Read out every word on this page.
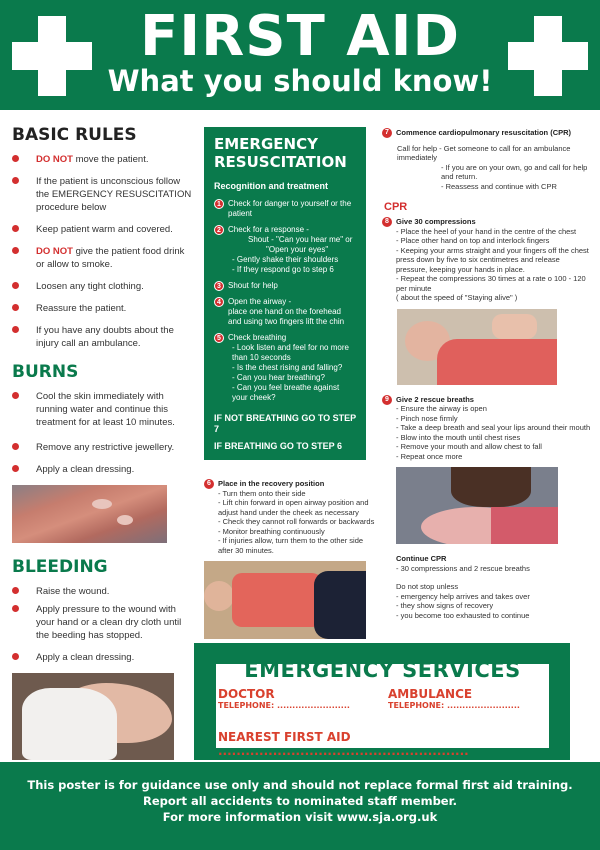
FIRST AID
What you should know!
BASIC RULES
DO NOT move the patient.
If the patient is unconscious follow the EMERGENCY RESUSCITATION procedure below
Keep patient warm and covered.
DO NOT give the patient food drink or allow to smoke.
Loosen any tight clothing.
Reassure the patient.
If you have any doubts about the injury call an ambulance.
BURNS
Cool the skin immediately with running water and continue this treatment for at least 10 minutes.
Remove any restrictive jewellery.
Apply a clean dressing.
BLEEDING
Raise the wound.
Apply pressure to the wound with your hand or a clean dry cloth until the beeding has stopped.
Apply a clean dressing.
EMERGENCY
RESUSCITATION
Recognition and treatment
1 Check for danger to yourself or the patient
2 Check for a response -
Shout - "Can you hear me" or
"Open your eyes"
- Gently shake their shoulders
- If they respond go to step 6
3 Shout for help
4 Open the airway -
place one hand on the forehead and using two fingers lift the chin
5 Check breathing
- Look listen and feel for no more than 10 seconds
- Is the chest rising and falling?
- Can you hear breathing?
- Can you feel breathe against your cheek?
IF NOT BREATHING GO TO STEP 7
IF BREATHING GO TO STEP 6
6 Place in the recovery position
- Turn them onto their side
- Lift chin forward in open airway position and adjust hand under the cheek as necessary
- Check they cannot roll forwards or backwards
- Monitor breathing continuously
- If injuries allow, turn them to the other side after 30 minutes.
7 Commence cardiopulmonary resuscitation (CPR)
Call for help - Get someone to call for an ambulance immediately
- If you are on your own, go and call for help and return.
- Reassess and continue with CPR
CPR
8 Give 30 compressions
- Place the heel of your hand in the centre of the chest
- Place other hand on top and interlock fingers
- Keeping your arms straight and your fingers off the chest press down by five to six centimetres and release pressure, keeping your hands in place.
- Repeat the compressions 30 times at a rate o 100 - 120 per minute
( about the speed of "Staying alive" )
9 Give 2 rescue breaths
- Ensure the airway is open
- Pinch nose firmly
- Take a deep breath and seal your lips around their mouth
- Blow into the mouth until chest rises
- Remove your mouth and allow chest to fall
- Repeat once more
Continue CPR
- 30 compressions and 2 rescue breaths
Do not stop unless
- emergency help arrives and takes over
- they show signs of recovery
- you become too exhausted to continue
EMERGENCY SERVICES
DOCTOR
TELEPHONE: ........................
AMBULANCE
TELEPHONE: ........................
NEAREST FIRST AID .......................................................
This poster is for guidance use only and should not replace formal first aid training.
Report all accidents to nominated staff member.
For more information visit www.sja.org.uk
